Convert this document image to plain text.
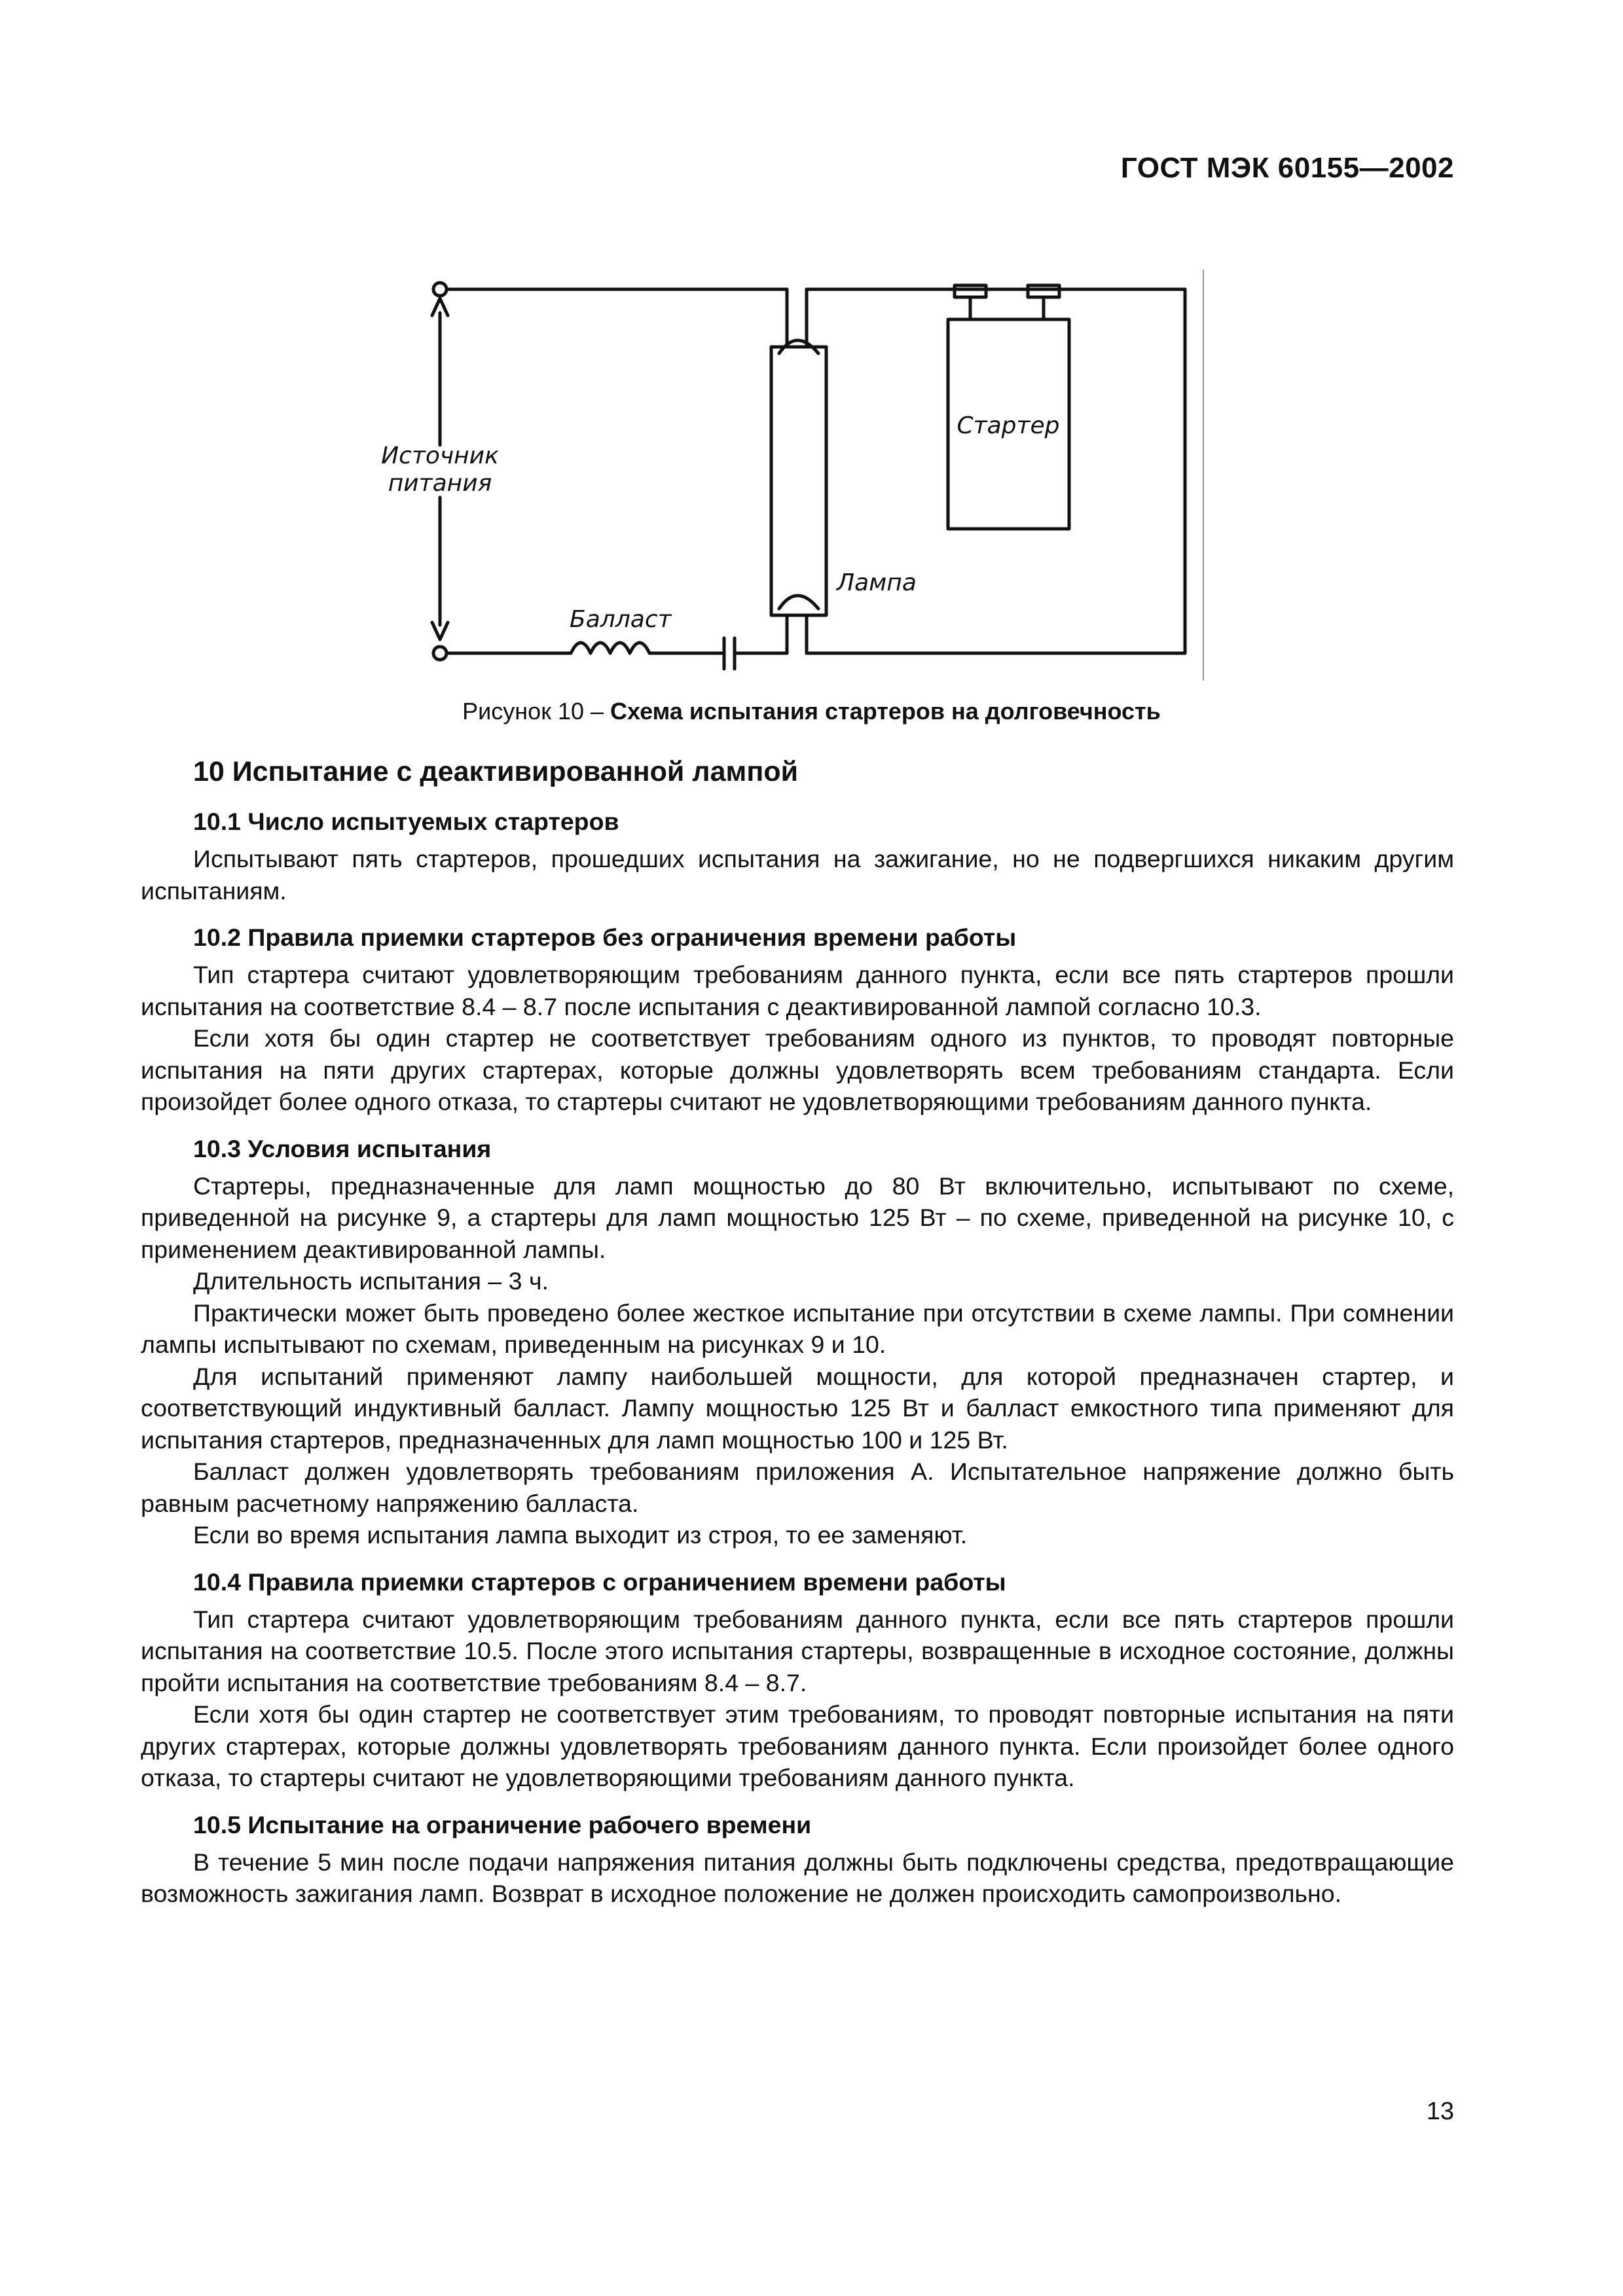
ГОСТ МЭК 60155—2002
Источник
питания
Стартер
Лампа
Балласт
Рисунок 10 – Схема испытания стартеров на долговечность
10 Испытание с деактивированной лампой
10.1 Число испытуемых стартеров

Испытывают пять стартеров, прошедших испытания на зажигание, но не подвергшихся никаким другим испытаниям.

10.2 Правила приемки стартеров без ограничения времени работы

Тип стартера считают удовлетворяющим требованиям данного пункта, если все пять стартеров прошли испытания на соответствие 8.4 – 8.7 после испытания с деактивированной лампой согласно 10.3.

Если хотя бы один стартер не соответствует требованиям одного из пунктов, то проводят повторные испытания на пяти других стартерах, которые должны удовлетворять всем требованиям стандарта. Если произойдет более одного отказа, то стартеры считают не удовлетворяющими требованиям данного пункта.

10.3 Условия испытания

Стартеры, предназначенные для ламп мощностью до 80 Вт включительно, испытывают по схеме, приведенной на рисунке 9, а стартеры для ламп мощностью 125 Вт – по схеме, приведенной на рисунке 10, с применением деактивированной лампы.

Длительность испытания – 3 ч.

Практически может быть проведено более жесткое испытание при отсутствии в схеме лампы. При сомнении лампы испытывают по схемам, приведенным на рисунках 9 и 10.

Для испытаний применяют лампу наибольшей мощности, для которой предназначен стартер, и соответствующий индуктивный балласт. Лампу мощностью 125 Вт и балласт емкостного типа применяют для испытания стартеров, предназначенных для ламп мощностью 100 и 125 Вт.

Балласт должен удовлетворять требованиям приложения А. Испытательное напряжение должно быть равным расчетному напряжению балласта.

Если во время испытания лампа выходит из строя, то ее заменяют.

10.4 Правила приемки стартеров с ограничением времени работы

Тип стартера считают удовлетворяющим требованиям данного пункта, если все пять стартеров прошли испытания на соответствие 10.5. После этого испытания стартеры, возвращенные в исходное состояние, должны пройти испытания на соответствие требованиям 8.4 – 8.7.

Если хотя бы один стартер не соответствует этим требованиям, то проводят повторные испытания на пяти других стартерах, которые должны удовлетворять требованиям данного пункта. Если произойдет более одного отказа, то стартеры считают не удовлетворяющими требованиям данного пункта.

10.5 Испытание на ограничение рабочего времени

В течение 5 мин после подачи напряжения питания должны быть подключены средства, предотвращающие возможность зажигания ламп. Возврат в исходное положение не должен происходить самопроизвольно.

13
